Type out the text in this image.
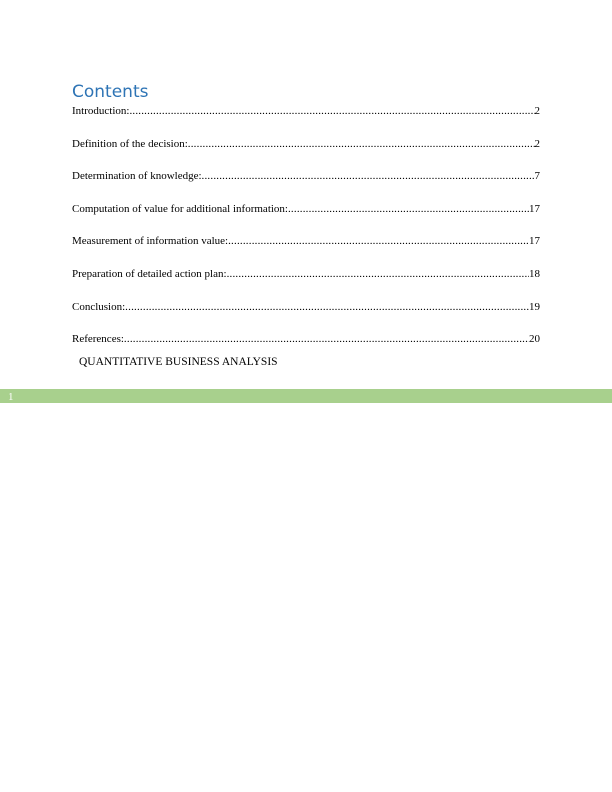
Contents
Introduction: .....	2
Definition of the decision: .....	2
Determination of knowledge: .....	7
Computation of value for additional information: .....	17
Measurement of information value: .....	17
Preparation of detailed action plan: .....	18
Conclusion: .....	19
References: .....	20
QUANTITATIVE BUSINESS ANALYSIS
1
